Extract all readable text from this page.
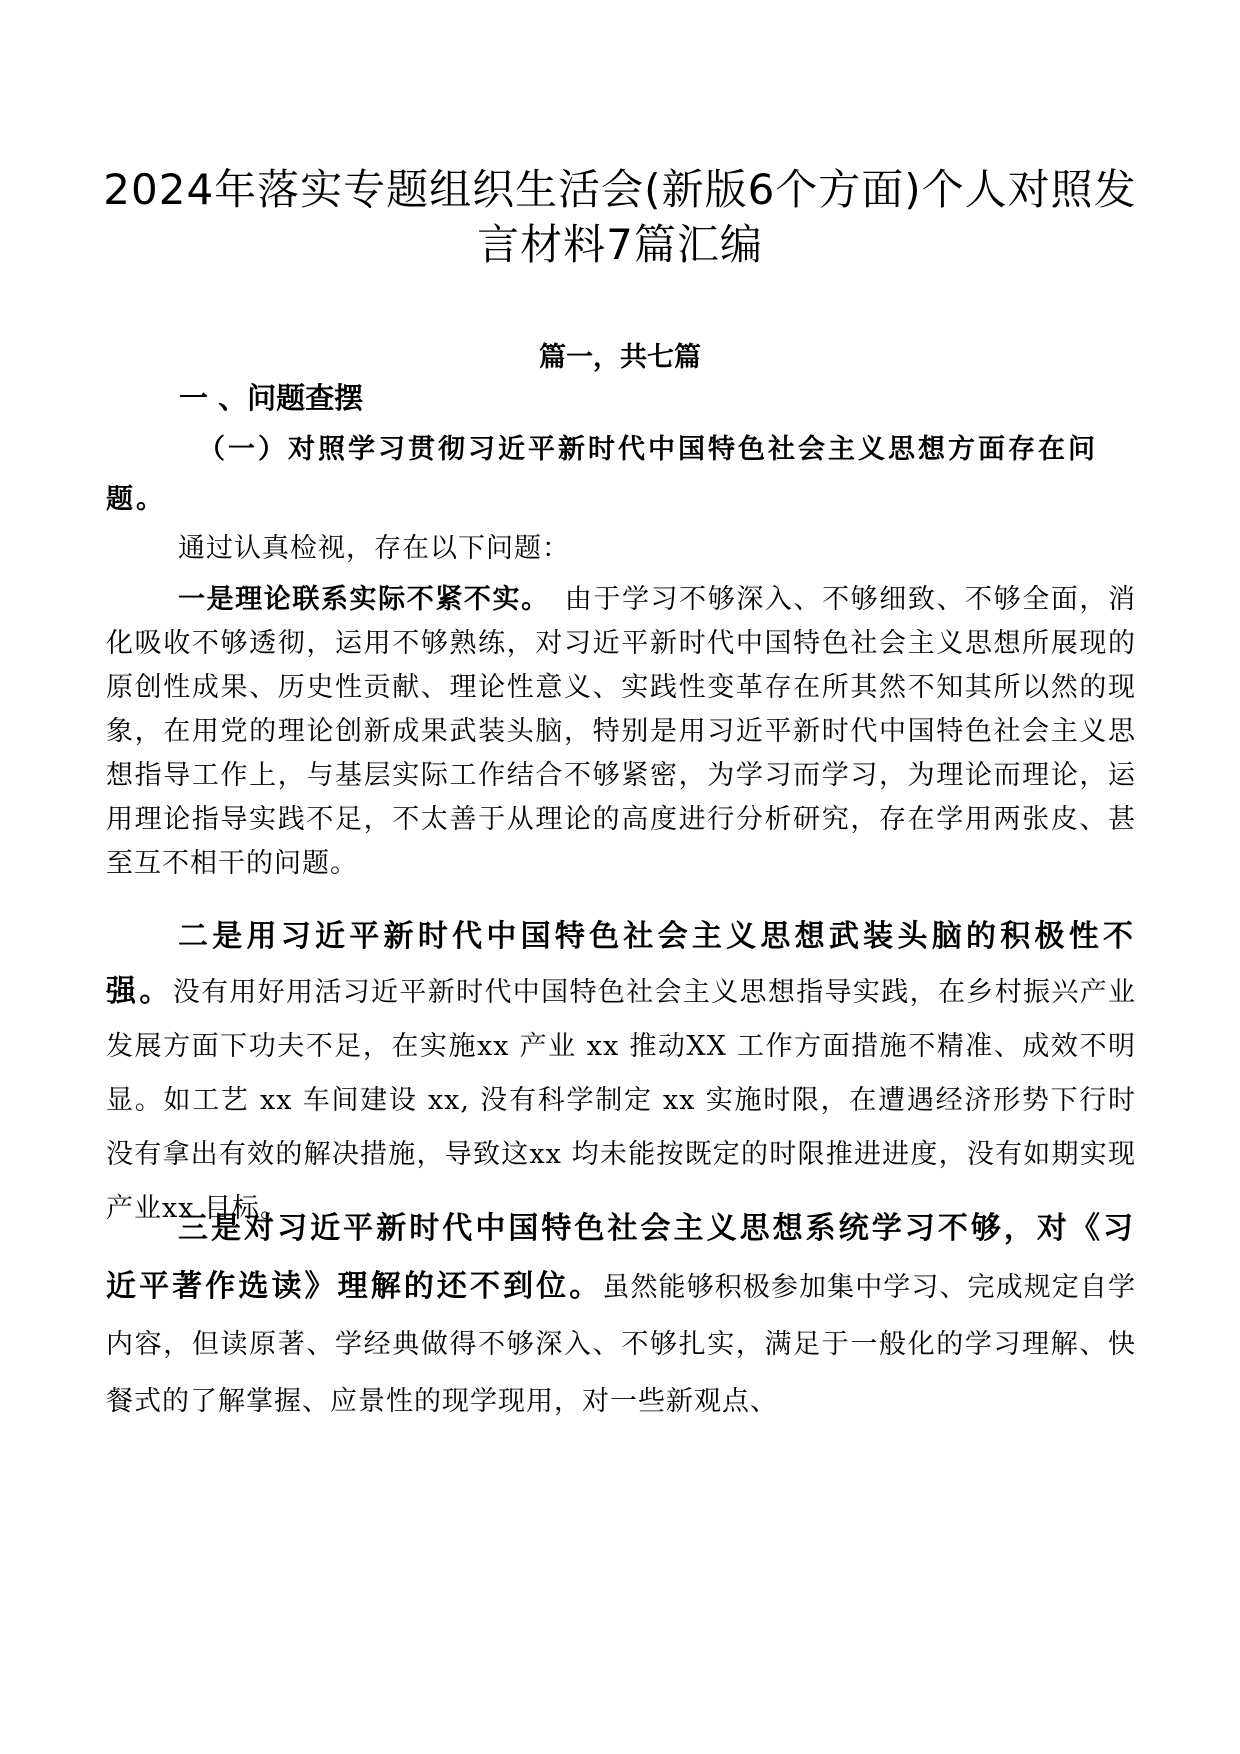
2024年落实专题组织生活会(新版6个方面)个人对照发言材料7篇汇编
篇一，共七篇
一 、问题查摆

（一）对照学习贯彻习近平新时代中国特色社会主义思想方面存在问题。

通过认真检视，存在以下问题：

一是理论联系实际不紧不实。　由于学习不够深入、不够细致、不够全面，消化吸收不够透彻，运用不够熟练，对习近平新时代中国特色社会主义思想所展现的原创性成果、历史性贡献、理论性意义、实践性变革存在所其然不知其所以然的现象，在用党的理论创新成果武装头脑，特别是用习近平新时代中国特色社会主义思想指导工作上，与基层实际工作结合不够紧密，为学习而学习，为理论而理论，运用理论指导实践不足，不太善于从理论的高度进行分析研究，存在学用两张皮、甚至互不相干的问题。

二是用习近平新时代中国特色社会主义思想武装头脑的积极性不强。没有用好用活习近平新时代中国特色社会主义思想指导实践，在乡村振兴产业发展方面下功夫不足，在实施xx 产业 xx 推动XX 工作方面措施不精准、成效不明显。如工艺 xx 车间建设 xx, 没有科学制定 xx 实施时限，在遭遇经济形势下行时没有拿出有效的解决措施，导致这xx 均未能按既定的时限推进进度，没有如期实现产业xx 目标。

三是对习近平新时代中国特色社会主义思想系统学习不够，对《习近平著作选读》理解的还不到位。虽然能够积极参加集中学习、完成规定自学内容，但读原著、学经典做得不够深入、不够扎实，满足于一般化的学习理解、快餐式的了解掌握、应景性的现学现用，对一些新观点、
